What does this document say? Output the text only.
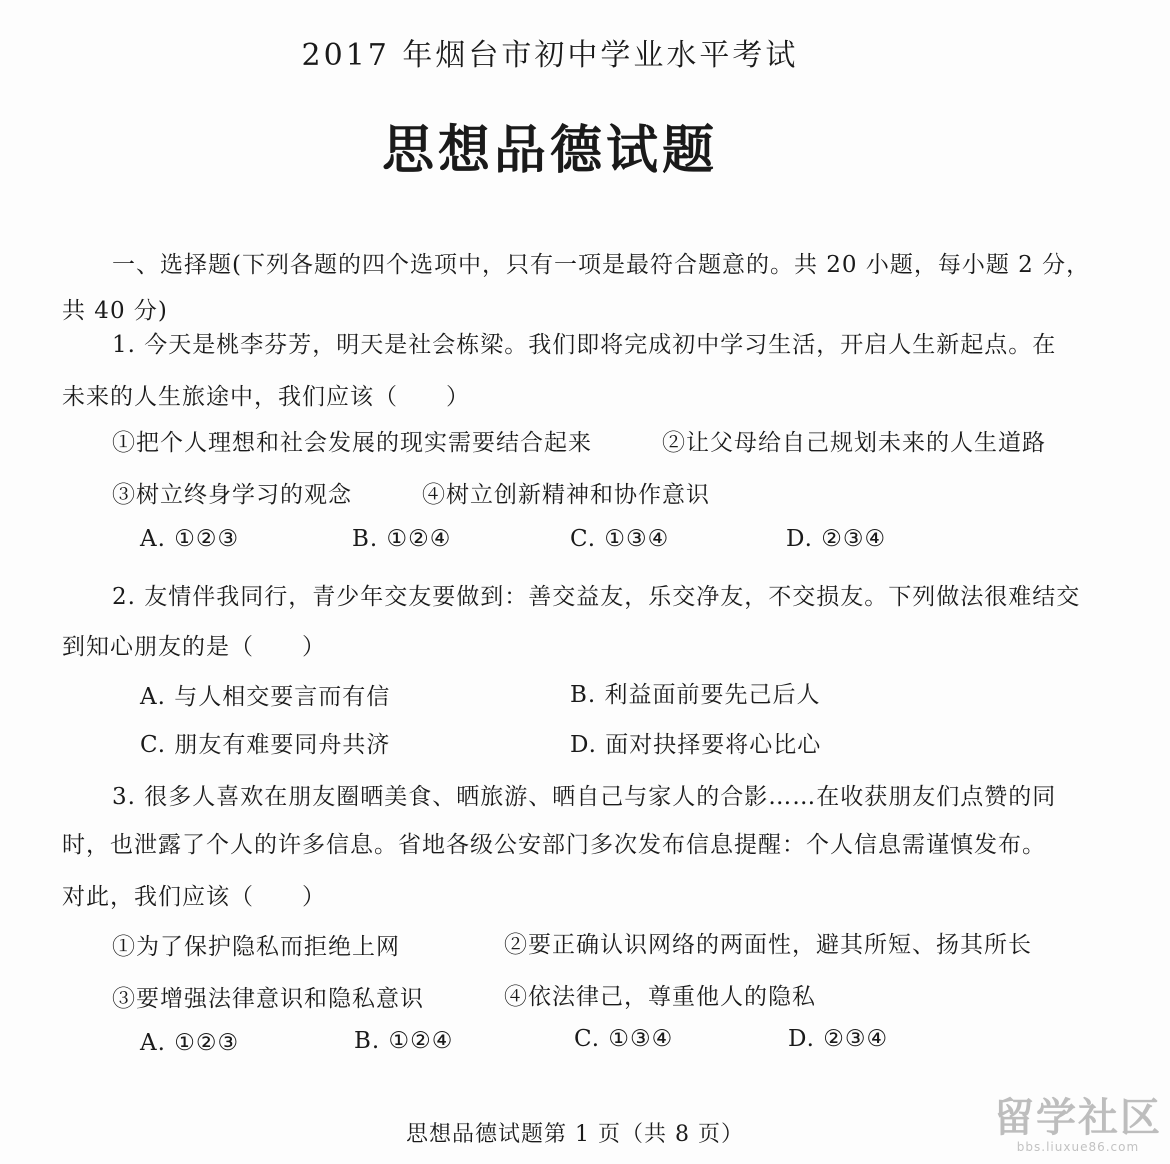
2017 年烟台市初中学业水平考试
思想品德试题
一、选择题(下列各题的四个选项中，只有一项是最符合题意的。共 20 小题，每小题 2 分，
共 40 分)
1. 今天是桃李芬芳，明天是社会栋梁。我们即将完成初中学习生活，开启人生新起点。在
未来的人生旅途中，我们应该（　　）
①把个人理想和社会发展的现实需要结合起来	②让父母给自己规划未来的人生道路
③树立终身学习的观念	④树立创新精神和协作意识
A. ①②③	B. ①②④	C. ①③④	D. ②③④
2. 友情伴我同行，青少年交友要做到：善交益友，乐交净友，不交损友。下列做法很难结交
到知心朋友的是（　　）
A. 与人相交要言而有信	B. 利益面前要先己后人
C. 朋友有难要同舟共济	D. 面对抉择要将心比心
3. 很多人喜欢在朋友圈晒美食、晒旅游、晒自己与家人的合影……在收获朋友们点赞的同
时，也泄露了个人的许多信息。省地各级公安部门多次发布信息提醒：个人信息需谨慎发布。
对此，我们应该（　　）
①为了保护隐私而拒绝上网	②要正确认识网络的两面性，避其所短、扬其所长
③要增强法律意识和隐私意识	④依法律己，尊重他人的隐私
A. ①②③	B. ①②④	C. ①③④	D. ②③④
思想品德试题第 1 页（共 8 页）	留学社区
bbs.liuxue86.com
